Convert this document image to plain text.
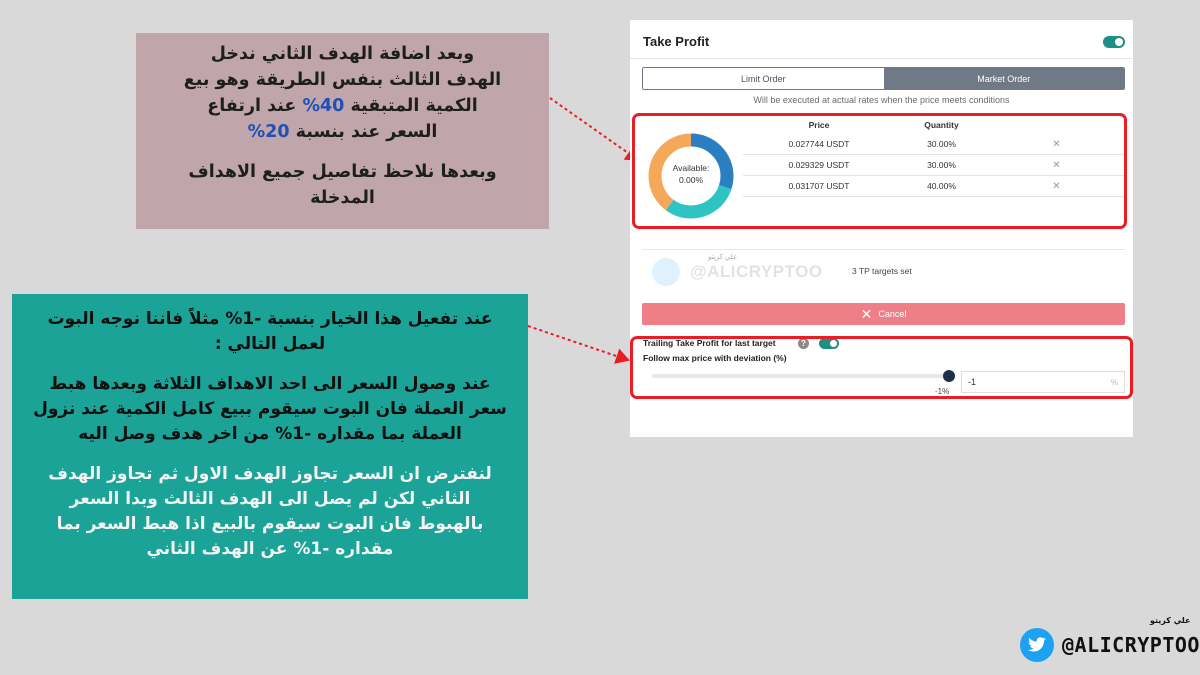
وبعد اضافة الهدف الثاني ندخل
الهدف الثالث بنفس الطريقة وهو بيع
الكمية المتبقية 40% عند ارتفاع
السعر عند بنسبة 20%
وبعدها نلاحظ تفاصيل جميع الاهداف
المدخلة
عند تفعيل هذا الخيار بنسبة -1% مثلاً فاننا نوجه البوت
لعمل التالي :
عند وصول السعر الى احد الاهداف الثلاثة وبعدها هبط
سعر العملة فان البوت سيقوم ببيع كامل الكمية عند نزول
العملة بما مقداره -1% من اخر هدف وصل اليه
لنفترض ان السعر تجاوز الهدف الاول ثم تجاوز الهدف
الثاني لكن لم يصل الى الهدف الثالث وبدا السعر
بالهبوط فان البوت سيقوم بالبيع اذا هبط السعر بما
مقداره -1% عن الهدف الثاني
Take Profit
Limit Order	Market Order
Will be executed at actual rates when the price meets conditions
Available:
0.00%
Price	Quantity
0.027744 USDT	30.00%	✕
0.029329 USDT	30.00%	✕
0.031707 USDT	40.00%	✕
علي كريتو
@ALICRYPTOO	3 TP targets set
✕ Cancel
Trailing Take Profit for last target	?
Follow max price with deviation (%)
-1%
-1	%
علي كريتو
@ALICRYPTOO
